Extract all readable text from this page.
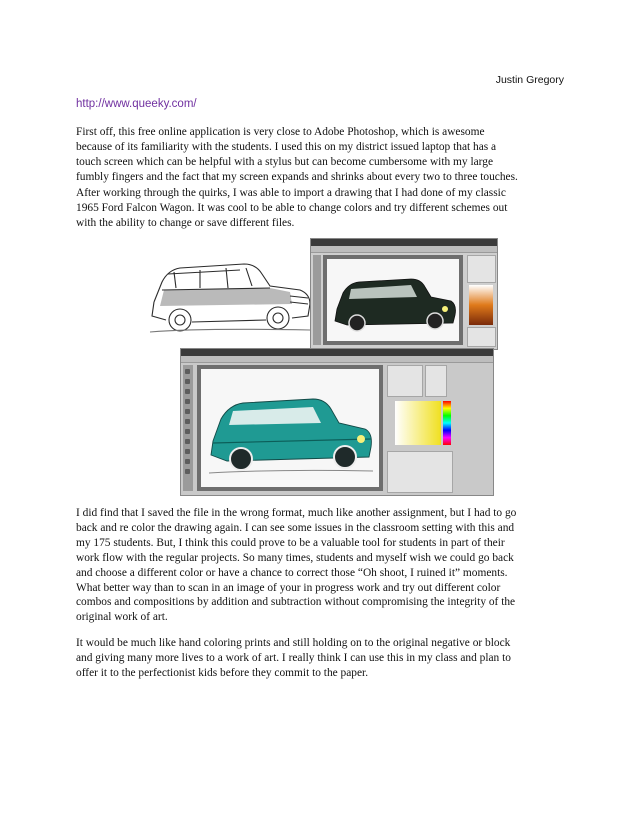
Justin Gregory
http://www.queeky.com/

First off, this free online application is very close to Adobe Photoshop, which is awesome
because of its familiarity with the students. I used this on my district issued laptop that has a
touch screen which can be helpful with a stylus but can become cumbersome with my large
fumbly fingers and the fact that my screen expands and shrinks about every two to three touches.

After working through the quirks, I was able to import a drawing that I had done of my classic
1965 Ford Falcon Wagon. It was cool to be able to change colors and try different schemes out
with the ability to change or save different files.

I did find that I saved the file in the wrong format, much like another assignment, but I had to go
back and re color the drawing again. I can see some issues in the classroom setting with this and
my 175 students. But, I think this could prove to be a valuable tool for students in part of their
work flow with the regular projects. So many times, students and myself wish we could go back
and choose a different color or have a chance to correct those “Oh shoot, I ruined it” moments.
What better way than to scan in an image of your in progress work and try out different color
combos and compositions by addition and subtraction without compromising the integrity of the
original work of art.

It would be much like hand coloring prints and still holding on to the original negative or block
and giving many more lives to a work of art. I really think I can use this in my class and plan to
offer it to the perfectionist kids before they commit to the paper.
